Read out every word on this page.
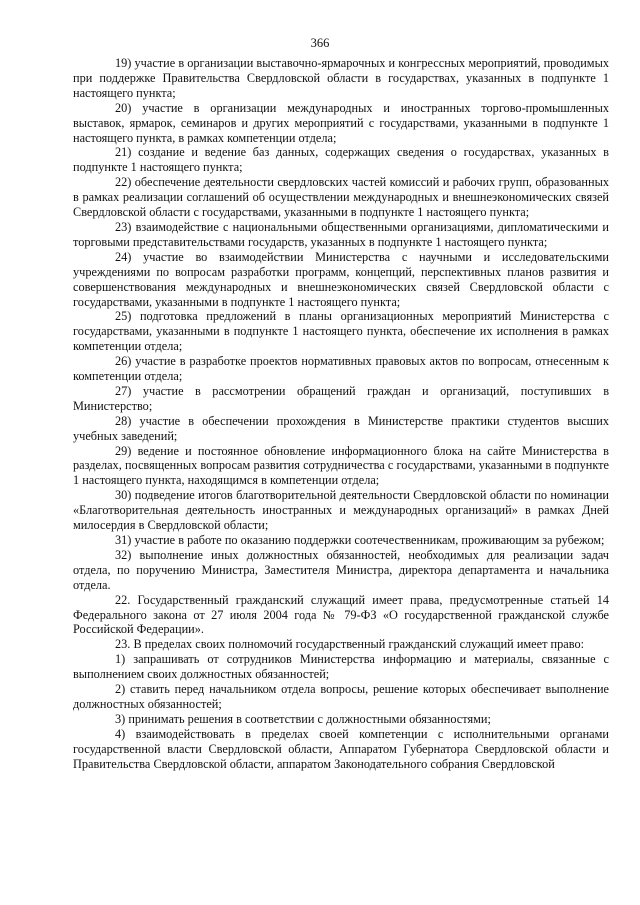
366

19) участие в организации выставочно-ярмарочных и конгрессных мероприятий, проводимых при поддержке Правительства Свердловской области в государствах, указанных в подпункте 1 настоящего пункта;

20) участие в организации международных и иностранных торгово-промышленных выставок, ярмарок, семинаров и других мероприятий с государствами, указанными в подпункте 1 настоящего пункта, в рамках компетенции отдела;

21) создание и ведение баз данных, содержащих сведения о государствах, указанных в подпункте 1 настоящего пункта;

22) обеспечение деятельности свердловских частей комиссий и рабочих групп, образованных в рамках реализации соглашений об осуществлении международных и внешнеэкономических связей Свердловской области с государствами, указанными в подпункте 1 настоящего пункта;

23) взаимодействие с национальными общественными организациями, дипломатическими и торговыми представительствами государств, указанных в подпункте 1 настоящего пункта;

24) участие во взаимодействии Министерства с научными и исследовательскими учреждениями по вопросам разработки программ, концепций, перспективных планов развития и совершенствования международных и внешнеэкономических связей Свердловской области с государствами, указанными в подпункте 1 настоящего пункта;

25) подготовка предложений в планы организационных мероприятий Министерства с государствами, указанными в подпункте 1 настоящего пункта, обеспечение их исполнения в рамках компетенции отдела;

26) участие в разработке проектов нормативных правовых актов по вопросам, отнесенным к компетенции отдела;

27) участие в рассмотрении обращений граждан и организаций, поступивших в Министерство;

28) участие в обеспечении прохождения в Министерстве практики студентов высших учебных заведений;

29) ведение и постоянное обновление информационного блока на сайте Министерства в разделах, посвященных вопросам развития сотрудничества с государствами, указанными в подпункте 1 настоящего пункта, находящимся в компетенции отдела;

30) подведение итогов благотворительной деятельности Свердловской области по номинации «Благотворительная деятельность иностранных и международных организаций» в рамках Дней милосердия в Свердловской области;

31) участие в работе по оказанию поддержки соотечественникам, проживающим за рубежом;

32) выполнение иных должностных обязанностей, необходимых для реализации задач отдела, по поручению Министра, Заместителя Министра, директора департамента и начальника отдела.

22. Государственный гражданский служащий имеет права, предусмотренные статьей 14 Федерального закона от 27 июля 2004 года № 79-ФЗ «О государственной гражданской службе Российской Федерации».

23. В пределах своих полномочий государственный гражданский служащий имеет право:

1) запрашивать от сотрудников Министерства информацию и материалы, связанные с выполнением своих должностных обязанностей;

2) ставить перед начальником отдела вопросы, решение которых обеспечивает выполнение должностных обязанностей;

3) принимать решения в соответствии с должностными обязанностями;

4) взаимодействовать в пределах своей компетенции с исполнительными органами государственной власти Свердловской области, Аппаратом Губернатора Свердловской области и Правительства Свердловской области, аппаратом Законодательного собрания Свердловской
